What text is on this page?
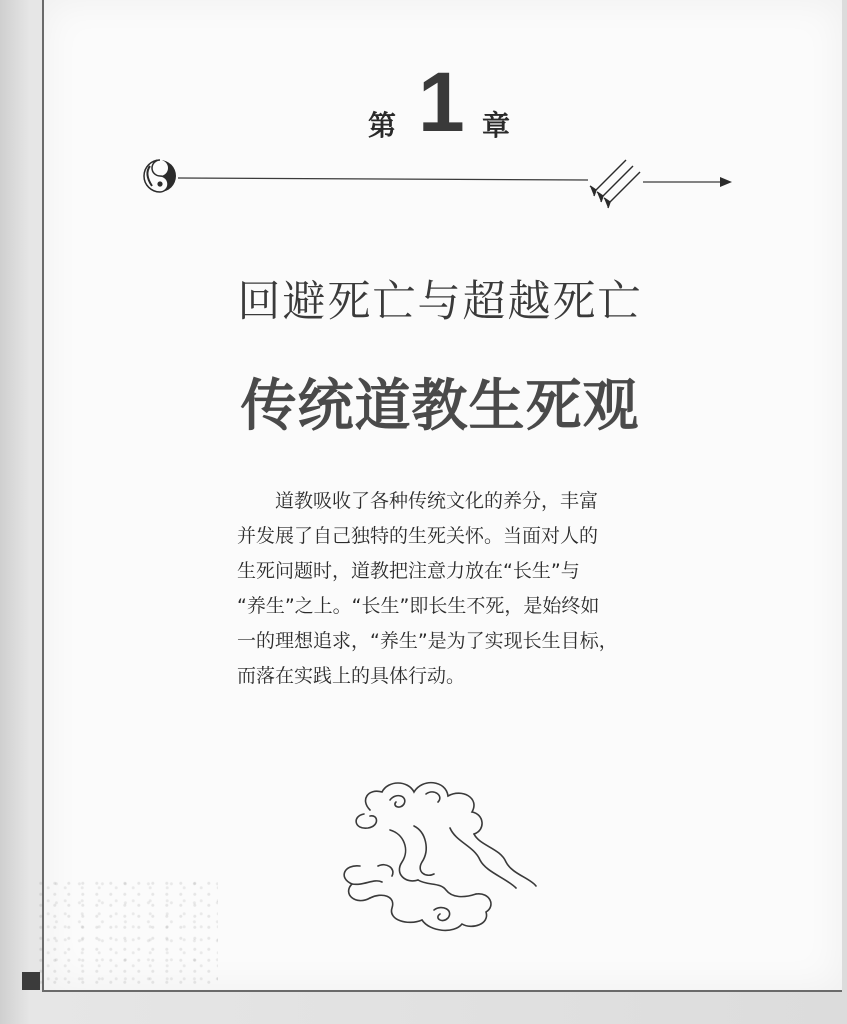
第 1 章
回避死亡与超越死亡
传统道教生死观
　　道教吸收了各种传统文化的养分，丰富
并发展了自己独特的生死关怀。当面对人的
生死问题时，道教把注意力放在“长生”与
“养生”之上。“长生”即长生不死，是始终如
一的理想追求，“养生”是为了实现长生目标，
而落在实践上的具体行动。
